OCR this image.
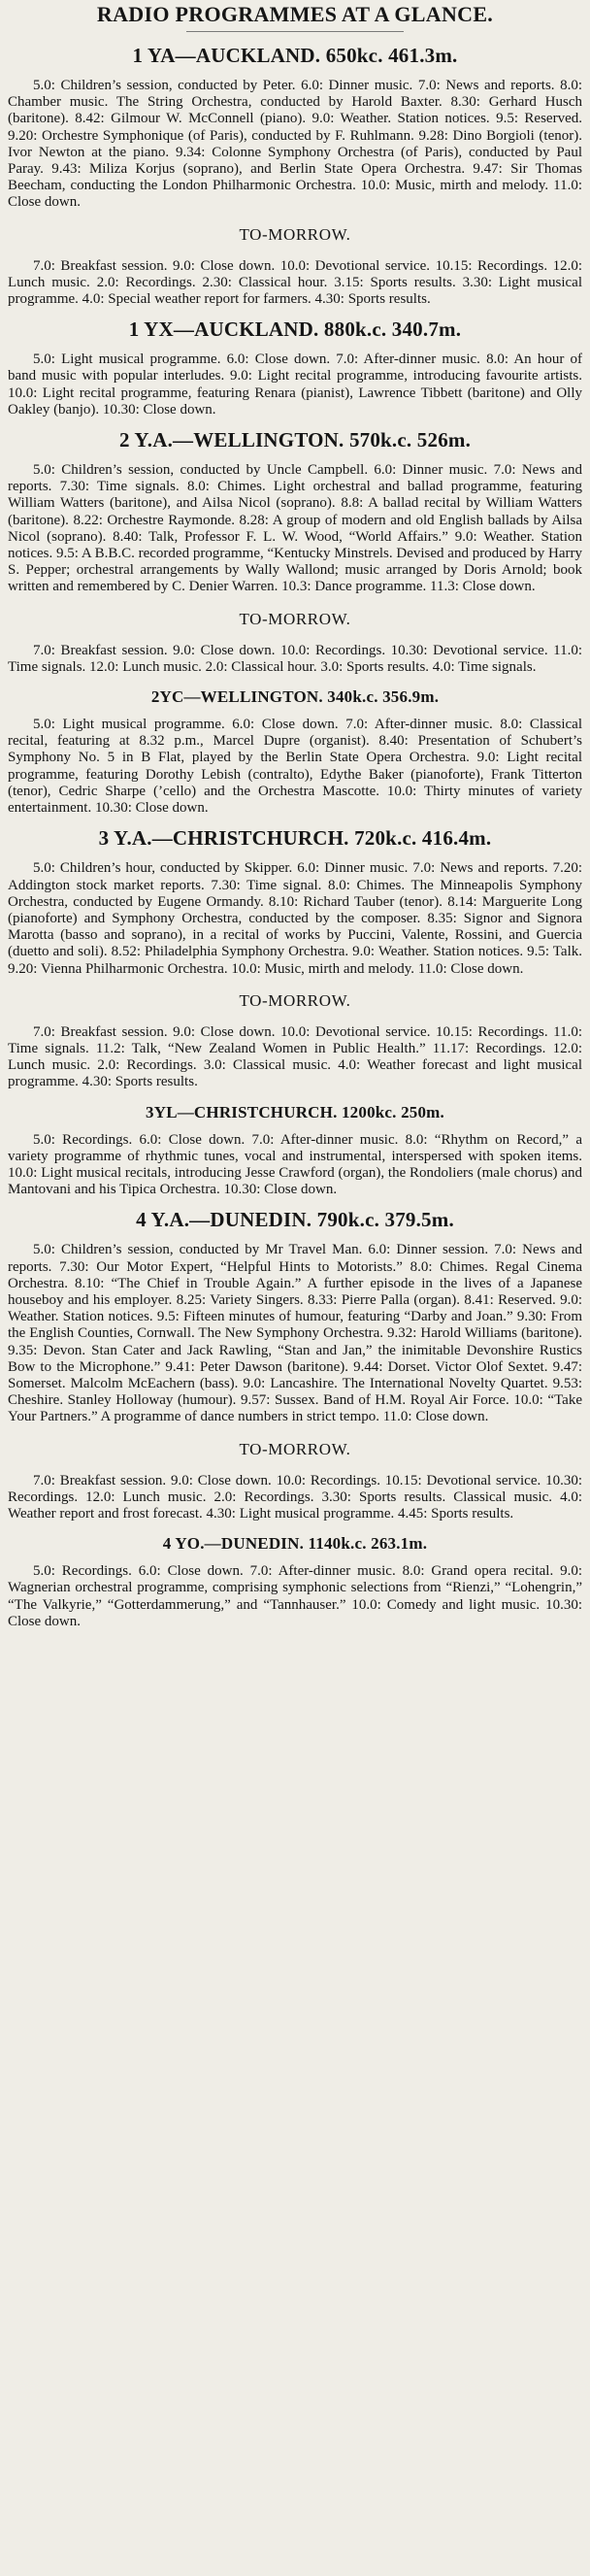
RADIO PROGRAMMES AT A GLANCE.
1 YA—AUCKLAND. 650kc. 461.3m.

5.0: Children’s session, conducted by Peter. 6.0: Dinner music. 7.0: News and reports. 8.0: Chamber music. The String Orchestra, conducted by Harold Baxter. 8.30: Gerhard Husch (baritone). 8.42: Gilmour W. McConnell (piano). 9.0: Weather. Station notices. 9.5: Reserved. 9.20: Orchestre Symphonique (of Paris), conducted by F. Ruhlmann. 9.28: Dino Borgioli (tenor). Ivor Newton at the piano. 9.34: Colonne Symphony Orchestra (of Paris), conducted by Paul Paray. 9.43: Miliza Korjus (soprano), and Berlin State Opera Orchestra. 9.47: Sir Thomas Beecham, conducting the London Philharmonic Orchestra. 10.0: Music, mirth and melody. 11.0: Close down.

TO-MORROW.

7.0: Breakfast session. 9.0: Close down. 10.0: Devotional service. 10.15: Recordings. 12.0: Lunch music. 2.0: Recordings. 2.30: Classical hour. 3.15: Sports results. 3.30: Light musical programme. 4.0: Special weather report for farmers. 4.30: Sports results.

1 YX—AUCKLAND. 880k.c. 340.7m.

5.0: Light musical programme. 6.0: Close down. 7.0: After-dinner music. 8.0: An hour of band music with popular interludes. 9.0: Light recital programme, introducing favourite artists. 10.0: Light recital programme, featuring Renara (pianist), Lawrence Tibbett (baritone) and Olly Oakley (banjo). 10.30: Close down.

2 Y.A.—WELLINGTON. 570k.c. 526m.

5.0: Children’s session, conducted by Uncle Campbell. 6.0: Dinner music. 7.0: News and reports. 7.30: Time signals. 8.0: Chimes. Light orchestral and ballad programme, featuring William Watters (baritone), and Ailsa Nicol (soprano). 8.8: A ballad recital by William Watters (baritone). 8.22: Orchestre Raymonde. 8.28: A group of modern and old English ballads by Ailsa Nicol (soprano). 8.40: Talk, Professor F. L. W. Wood, “World Affairs.” 9.0: Weather. Station notices. 9.5: A B.B.C. recorded programme, “Kentucky Minstrels. Devised and produced by Harry S. Pepper; orchestral arrangements by Wally Wallond; music arranged by Doris Arnold; book written and remembered by C. Denier Warren. 10.3: Dance programme. 11.3: Close down.

TO-MORROW.

7.0: Breakfast session. 9.0: Close down. 10.0: Recordings. 10.30: Devotional service. 11.0: Time signals. 12.0: Lunch music. 2.0: Classical hour. 3.0: Sports results. 4.0: Time signals.

2YC—WELLINGTON. 340k.c. 356.9m.

5.0: Light musical programme. 6.0: Close down. 7.0: After-dinner music. 8.0: Classical recital, featuring at 8.32 p.m., Marcel Dupre (organist). 8.40: Presentation of Schubert’s Symphony No. 5 in B Flat, played by the Berlin State Opera Orchestra. 9.0: Light recital programme, featuring Dorothy Lebish (contralto), Edythe Baker (pianoforte), Frank Titterton (tenor), Cedric Sharpe (’cello) and the Orchestra Mascotte. 10.0: Thirty minutes of variety entertainment. 10.30: Close down.

3 Y.A.—CHRISTCHURCH. 720k.c. 416.4m.

5.0: Children’s hour, conducted by Skipper. 6.0: Dinner music. 7.0: News and reports. 7.20: Addington stock market reports. 7.30: Time signal. 8.0: Chimes. The Minneapolis Symphony Orchestra, conducted by Eugene Ormandy. 8.10: Richard Tauber (tenor). 8.14: Marguerite Long (pianoforte) and Symphony Orchestra, conducted by the composer. 8.35: Signor and Signora Marotta (basso and soprano), in a recital of works by Puccini, Valente, Rossini, and Guercia (duetto and soli). 8.52: Philadelphia Symphony Orchestra. 9.0: Weather. Station notices. 9.5: Talk. 9.20: Vienna Philharmonic Orchestra. 10.0: Music, mirth and melody. 11.0: Close down.

TO-MORROW.

7.0: Breakfast session. 9.0: Close down. 10.0: Devotional service. 10.15: Recordings. 11.0: Time signals. 11.2: Talk, “New Zealand Women in Public Health.” 11.17: Recordings. 12.0: Lunch music. 2.0: Recordings. 3.0: Classical music. 4.0: Weather forecast and light musical programme. 4.30: Sports results.

3YL—CHRISTCHURCH. 1200kc. 250m.

5.0: Recordings. 6.0: Close down. 7.0: After-dinner music. 8.0: “Rhythm on Record,” a variety programme of rhythmic tunes, vocal and instrumental, interspersed with spoken items. 10.0: Light musical recitals, introducing Jesse Crawford (organ), the Rondoliers (male chorus) and Mantovani and his Tipica Orchestra. 10.30: Close down.

4 Y.A.—DUNEDIN. 790k.c. 379.5m.

5.0: Children’s session, conducted by Mr Travel Man. 6.0: Dinner session. 7.0: News and reports. 7.30: Our Motor Expert, “Helpful Hints to Motorists.” 8.0: Chimes. Regal Cinema Orchestra. 8.10: “The Chief in Trouble Again.” A further episode in the lives of a Japanese houseboy and his employer. 8.25: Variety Singers. 8.33: Pierre Palla (organ). 8.41: Reserved. 9.0: Weather. Station notices. 9.5: Fifteen minutes of humour, featuring “Darby and Joan.” 9.30: From the English Counties, Cornwall. The New Symphony Orchestra. 9.32: Harold Williams (baritone). 9.35: Devon. Stan Cater and Jack Rawling, “Stan and Jan,” the inimitable Devonshire Rustics Bow to the Microphone.” 9.41: Peter Dawson (baritone). 9.44: Dorset. Victor Olof Sextet. 9.47: Somerset. Malcolm McEachern (bass). 9.0: Lancashire. The International Novelty Quartet. 9.53: Cheshire. Stanley Holloway (humour). 9.57: Sussex. Band of H.M. Royal Air Force. 10.0: “Take Your Partners.” A programme of dance numbers in strict tempo. 11.0: Close down.

TO-MORROW.

7.0: Breakfast session. 9.0: Close down. 10.0: Recordings. 10.15: Devotional service. 10.30: Recordings. 12.0: Lunch music. 2.0: Recordings. 3.30: Sports results. Classical music. 4.0: Weather report and frost forecast. 4.30: Light musical programme. 4.45: Sports results.

4 YO.—DUNEDIN. 1140k.c. 263.1m.

5.0: Recordings. 6.0: Close down. 7.0: After-dinner music. 8.0: Grand opera recital. 9.0: Wagnerian orchestral programme, comprising symphonic selections from “Rienzi,” “Lohengrin,” “The Valkyrie,” “Gotterdammerung,” and “Tannhauser.” 10.0: Comedy and light music. 10.30: Close down.
